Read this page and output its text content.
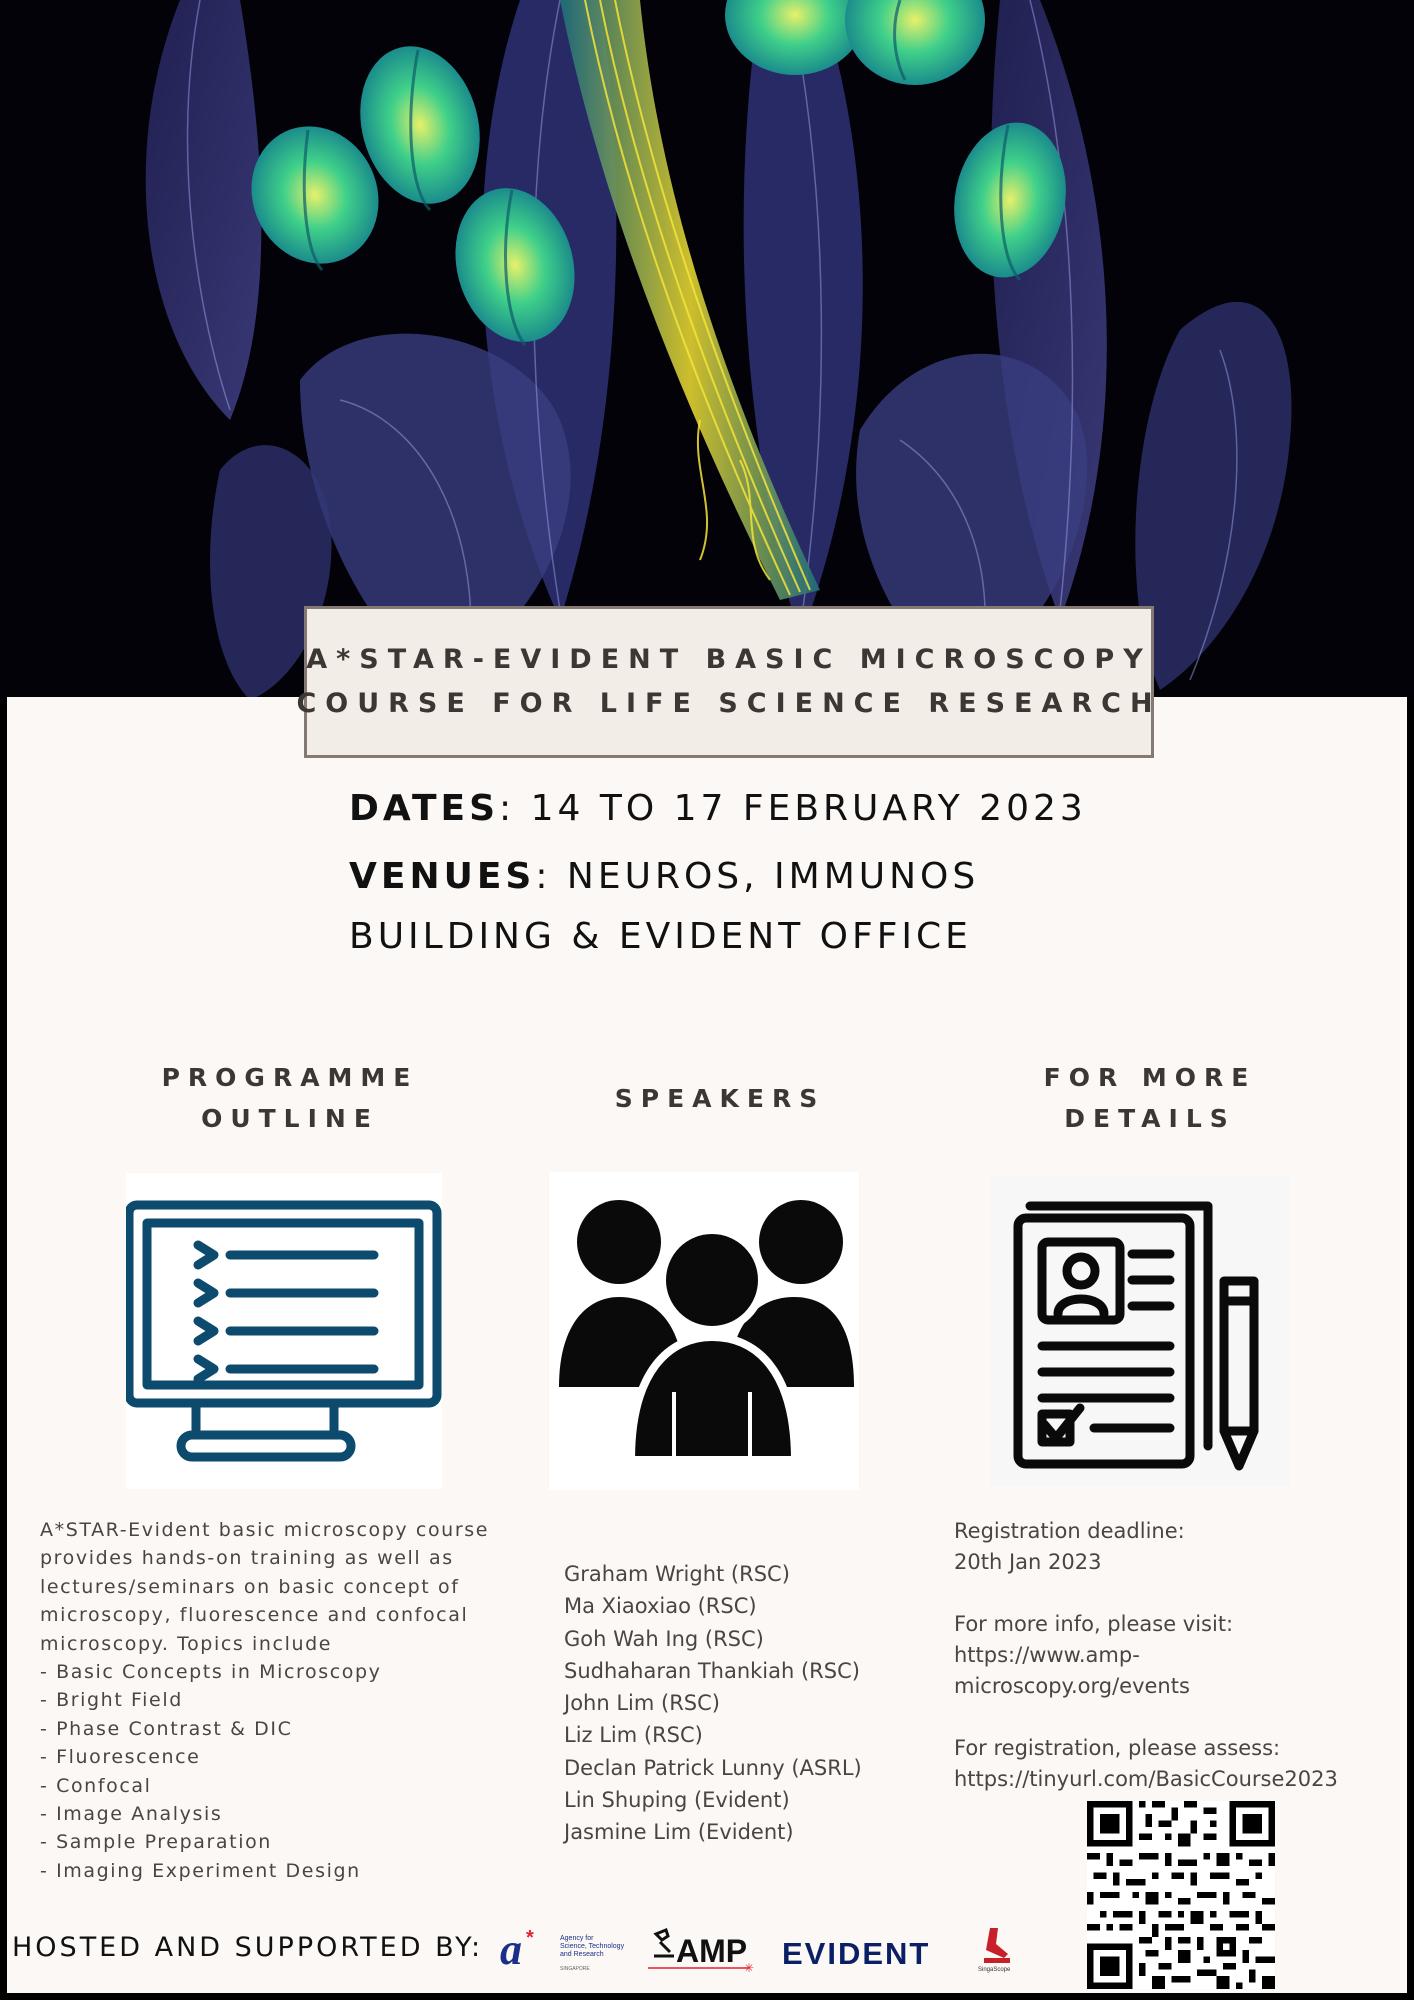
A*STAR-EVIDENT BASIC MICROSCOPY
COURSE FOR LIFE SCIENCE RESEARCH
DATES: 14 TO 17 FEBRUARY 2023
VENUES: NEUROS, IMMUNOS
BUILDING & EVIDENT OFFICE
PROGRAMME
OUTLINE
SPEAKERS
FOR MORE
DETAILS
A*STAR-Evident basic microscopy course provides hands-on training as well as lectures/seminars on basic concept of microscopy, fluorescence and confocal microscopy. Topics include
- Basic Concepts in Microscopy
- Bright Field
- Phase Contrast & DIC
- Fluorescence
- Confocal
- Image Analysis
- Sample Preparation
- Imaging Experiment Design
Graham Wright (RSC)
Ma Xiaoxiao (RSC)
Goh Wah Ing (RSC)
Sudhaharan Thankiah (RSC)
John Lim (RSC)
Liz Lim (RSC)
Declan Patrick Lunny (ASRL)
Lin Shuping (Evident)
Jasmine Lim (Evident)
Registration deadline:
20th Jan 2023
For more info, please visit:
https://www.amp-
microscopy.org/events
For registration, please assess:
https://tinyurl.com/BasicCourse2023
HOSTED AND SUPPORTED BY: a *	Agency for
Science, Technology
and Research
SINGAPORE	AMP
✳ EVIDENT	SingaScope
